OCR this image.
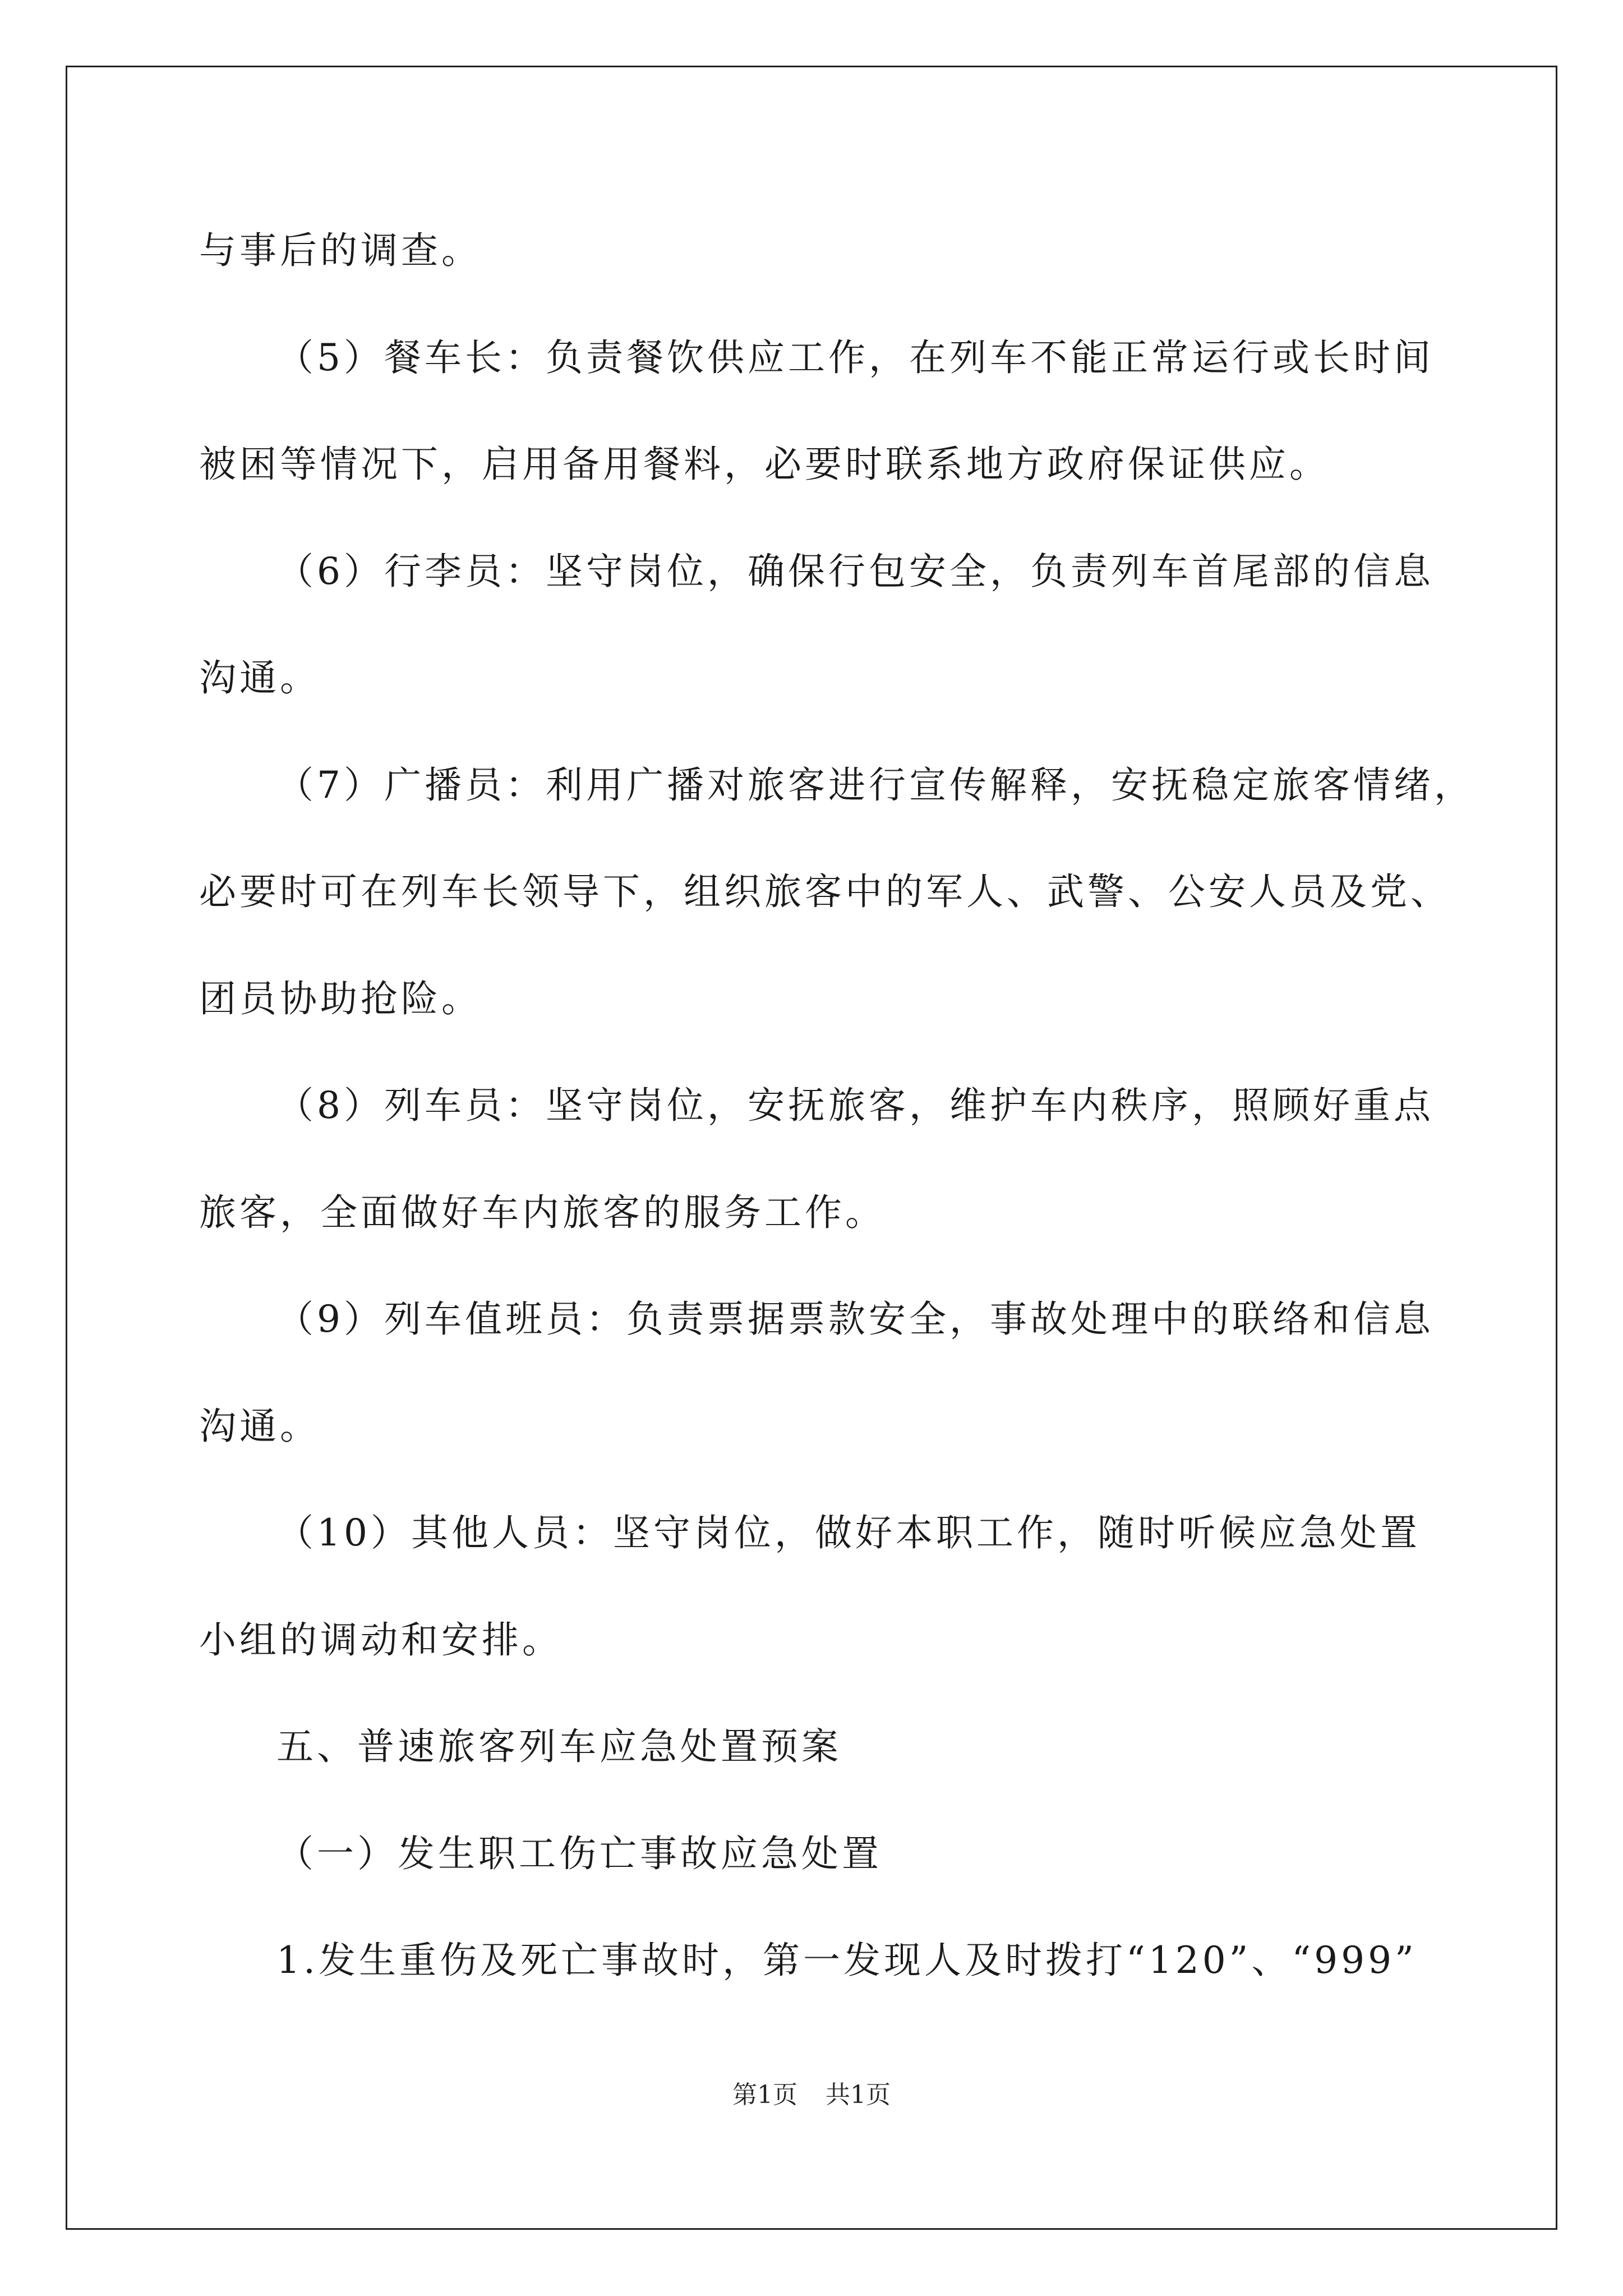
与事后的调查。
（5）餐车长：负责餐饮供应工作，在列车不能正常运行或长时间
被困等情况下，启用备用餐料，必要时联系地方政府保证供应。
（6）行李员：坚守岗位，确保行包安全，负责列车首尾部的信息
沟通。
（7）广播员：利用广播对旅客进行宣传解释，安抚稳定旅客情绪，
必要时可在列车长领导下，组织旅客中的军人、武警、公安人员及党、
团员协助抢险。
（8）列车员：坚守岗位，安抚旅客，维护车内秩序，照顾好重点
旅客，全面做好车内旅客的服务工作。
（9）列车值班员：负责票据票款安全，事故处理中的联络和信息
沟通。
（10）其他人员：坚守岗位，做好本职工作，随时听候应急处置
小组的调动和安排。
五、普速旅客列车应急处置预案
（一）发生职工伤亡事故应急处置
1.发生重伤及死亡事故时，第一发现人及时拨打“120”、“999”
第1页 共1页
